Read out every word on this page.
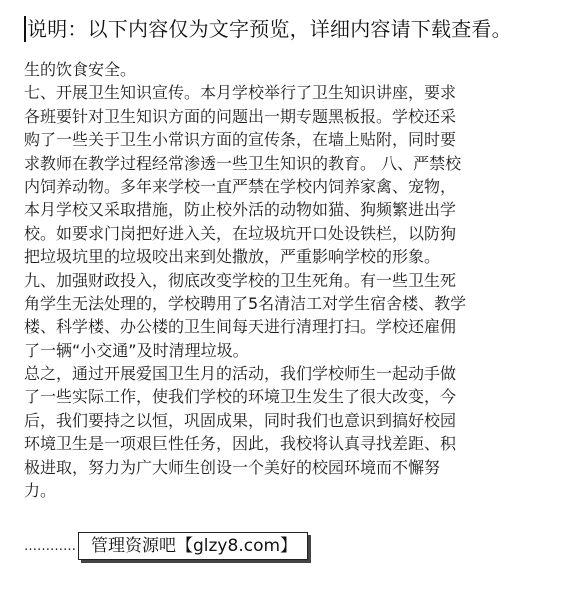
说明：以下内容仅为文字预览，详细内容请下载查看。
生的饮食安全。
七、开展卫生知识宣传。本月学校举行了卫生知识讲座，要求
各班要针对卫生知识方面的问题出一期专题黑板报。学校还采
购了一些关于卫生小常识方面的宣传条，在墙上贴附，同时要
求教师在教学过程经常渗透一些卫生知识的教育。 八、严禁校
内饲养动物。多年来学校一直严禁在学校内饲养家禽、宠物，
本月学校又采取措施，防止校外活的动物如猫、狗频繁进出学
校。如要求门岗把好进入关，在垃圾坑开口处设铁栏，以防狗
把垃圾坑里的垃圾咬出来到处撒放，严重影响学校的形象。
九、加强财政投入，彻底改变学校的卫生死角。有一些卫生死
角学生无法处理的，学校聘用了5名清洁工对学生宿舍楼、教学
楼、科学楼、办公楼的卫生间每天进行清理打扫。学校还雇佣
了一辆“小交通”及时清理垃圾。
总之，通过开展爱国卫生月的活动，我们学校师生一起动手做
了一些实际工作，使我们学校的环境卫生发生了很大改变，今
后，我们要持之以恒，巩固成果，同时我们也意识到搞好校园
环境卫生是一项艰巨性任务，因此，我校将认真寻找差距、积
极进取，努力为广大师生创设一个美好的校园环境而不懈努
力。
………… 管理资源吧【glzy8.com】
